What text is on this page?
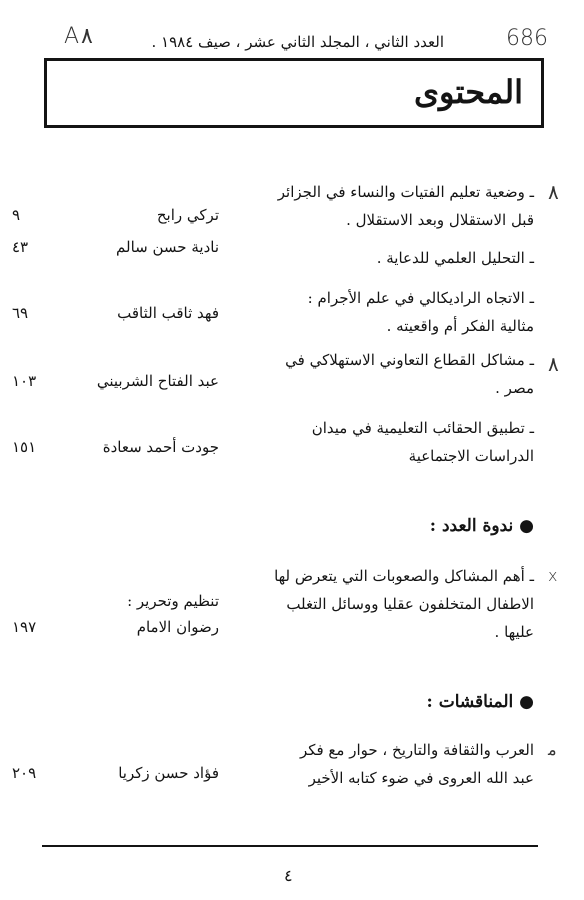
A٨	العدد الثاني ، المجلد الثاني عشر ، صيف ١٩٨٤ .	686
المحتوى
٨
ـ وضعية تعليم الفتيات والنساء في الجزائر
قبل الاستقلال وبعد الاستقلال .
تركي رابح
٩
ـ التحليل العلمي للدعاية .
نادية حسن سالم
٤٣
ـ الاتجاه الراديكالي في علم الأجرام :
مثالية الفكر أم واقعيته .
فهد ثاقب الثاقب
٦٩
٨
ـ مشاكل القطاع التعاوني الاستهلاكي في
مصر .
عبد الفتاح الشربيني
١٠٣
ـ تطبيق الحقائب التعليمية في ميدان
الدراسات الاجتماعية
جودت أحمد سعادة
١٥١
● ندوة العدد :
x
ـ أهم المشاكل والصعوبات التي يتعرض لها
الاطفال المتخلفون عقليا ووسائل التغلب
عليها .
تنظيم وتحرير :
رضوان الامام
١٩٧
● المناقشات :
ﻣ
العرب والثقافة والتاريخ ، حوار مع فكر
عبد الله العروى في ضوء كتابه الأخير
فؤاد حسن زكريا
٢٠٩
٤
